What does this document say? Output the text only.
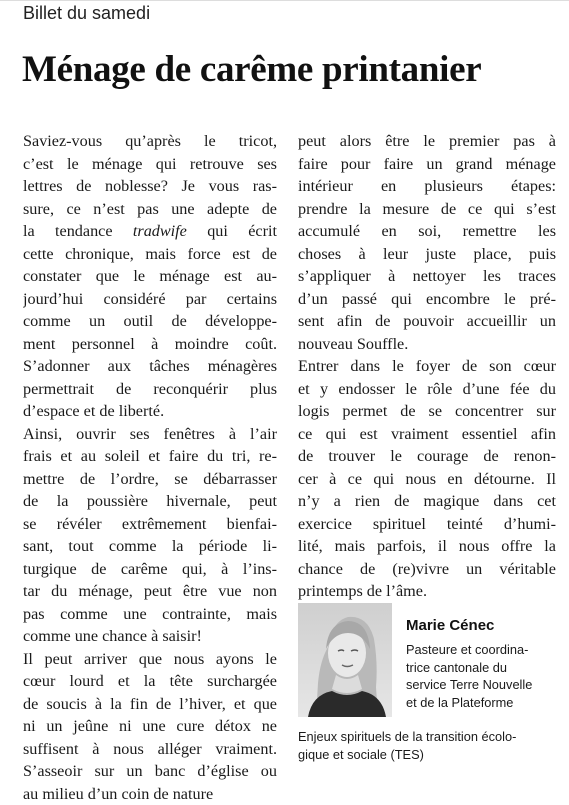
Billet du samedi
Ménage de carême printanier
Saviez-vous qu’après le tricot,
c’est le ménage qui retrouve ses
lettres de noblesse? Je vous ras-
sure, ce n’est pas une adepte de
la tendance tradwife qui écrit
cette chronique, mais force est de
constater que le ménage est au-
jourd’hui considéré par certains
comme un outil de développe-
ment personnel à moindre coût.
S’adonner aux tâches ménagères
permettrait de reconquérir plus
d’espace et de liberté.
Ainsi, ouvrir ses fenêtres à l’air
frais et au soleil et faire du tri, re-
mettre de l’ordre, se débarrasser
de la poussière hivernale, peut
se révéler extrêmement bienfai-
sant, tout comme la période li-
turgique de carême qui, à l’ins-
tar du ménage, peut être vue non
pas comme une contrainte, mais
comme une chance à saisir!
Il peut arriver que nous ayons le
cœur lourd et la tête surchargée
de soucis à la fin de l’hiver, et que
ni un jeûne ni une cure détox ne
suffisent à nous alléger vraiment.
S’asseoir sur un banc d’église ou
au milieu d’un coin de nature
peut alors être le premier pas à
faire pour faire un grand ménage
intérieur en plusieurs étapes:
prendre la mesure de ce qui s’est
accumulé en soi, remettre les
choses à leur juste place, puis
s’appliquer à nettoyer les traces
d’un passé qui encombre le pré-
sent afin de pouvoir accueillir un
nouveau Souffle.
Entrer dans le foyer de son cœur
et y endosser le rôle d’une fée du
logis permet de se concentrer sur
ce qui est vraiment essentiel afin
de trouver le courage de renon-
cer à ce qui nous en détourne. Il
n’y a rien de magique dans cet
exercice spirituel teinté d’humi-
lité, mais parfois, il nous offre la
chance de (re)vivre un véritable
printemps de l’âme.
Marie Cénec
Pasteure et coordina-
trice cantonale du
service Terre Nouvelle
et de la Plateforme
Enjeux spirituels de la transition écolo-
gique et sociale (TES)
